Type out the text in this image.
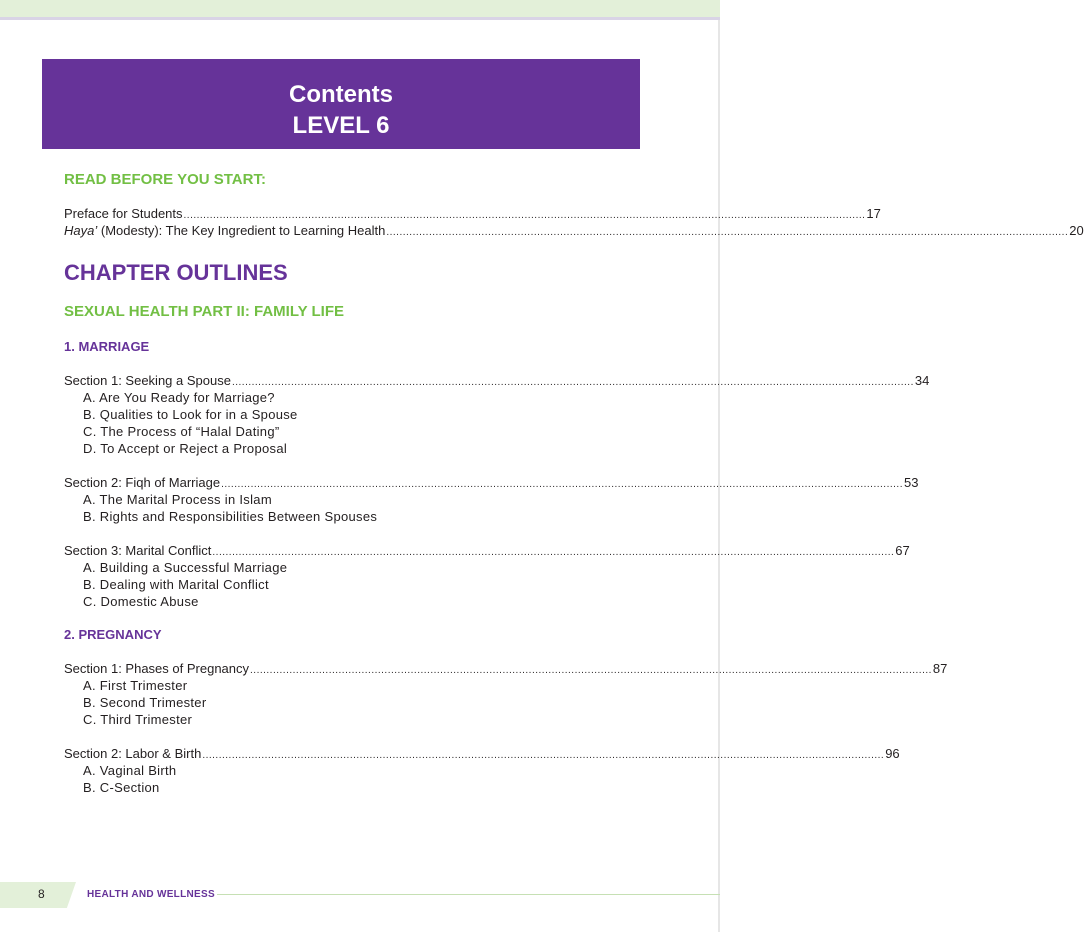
Contents
LEVEL 6
READ BEFORE YOU START:
Preface for Students ................................................................................................................................................................................................................ 17
Haya’ (Modesty): The Key Ingredient to Learning Health ................................................................................................................................................................................................................ 20
CHAPTER OUTLINES
SEXUAL HEALTH PART II: FAMILY LIFE
1. MARRIAGE
Section 1: Seeking a Spouse ................................................................................................................................................................................................................ 34
A. Are You Ready for Marriage?
B. Qualities to Look for in a Spouse
C. The Process of “Halal Dating”
D. To Accept or Reject a Proposal
Section 2: Fiqh of Marriage ................................................................................................................................................................................................................ 53
A. The Marital Process in Islam
B. Rights and Responsibilities Between Spouses
Section 3: Marital Conflict ................................................................................................................................................................................................................ 67
A. Building a Successful Marriage
B. Dealing with Marital Conflict
C. Domestic Abuse
2. PREGNANCY
Section 1: Phases of Pregnancy ................................................................................................................................................................................................................ 87
A. First Trimester
B. Second Trimester
C. Third Trimester
Section 2: Labor & Birth ................................................................................................................................................................................................................ 96
A. Vaginal Birth
B. C-Section
8	HEALTH AND WELLNESS
